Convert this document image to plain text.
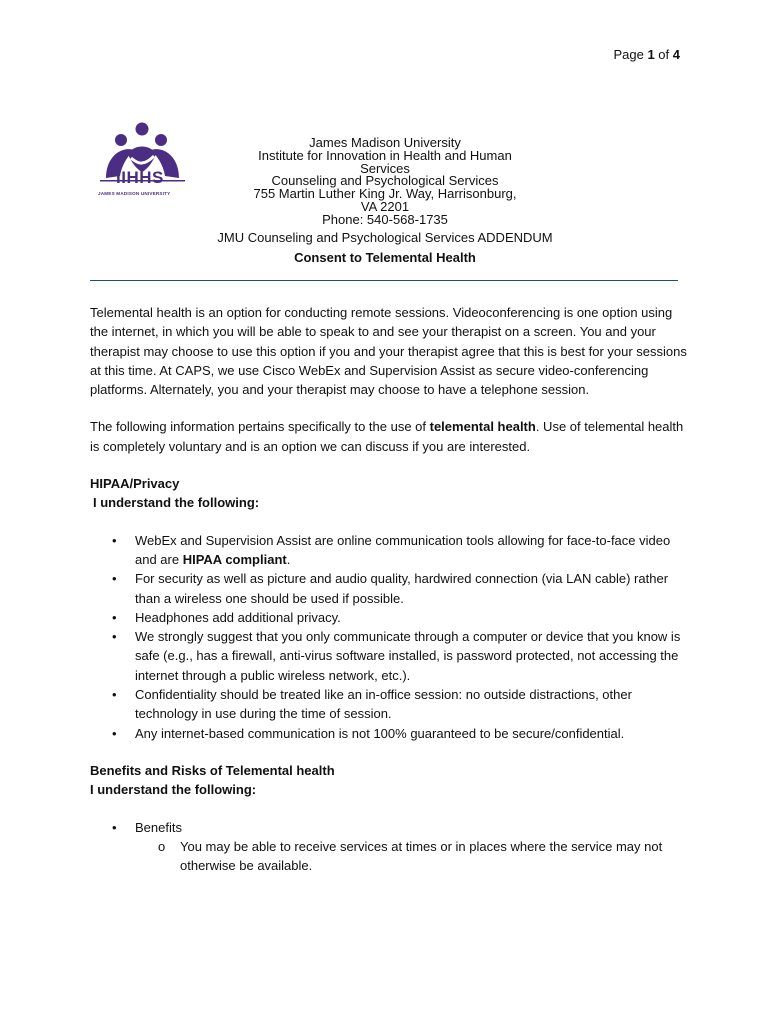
Page 1 of 4
IIHHS
JAMES MADISON UNIVERSITY
James Madison University
Institute for Innovation in Health and Human
Services
Counseling and Psychological Services
755 Martin Luther King Jr. Way, Harrisonburg,
VA 2201
Phone: 540-568-1735
JMU Counseling and Psychological Services ADDENDUM
Consent to Telemental Health

Telemental health is an option for conducting remote sessions. Videoconferencing is one option using the internet, in which you will be able to speak to and see your therapist on a screen. You and your therapist may choose to use this option if you and your therapist agree that this is best for your sessions at this time. At CAPS, we use Cisco WebEx and Supervision Assist as secure video-conferencing platforms. Alternately, you and your therapist may choose to have a telephone session.

The following information pertains specifically to the use of telemental health. Use of telemental health is completely voluntary and is an option we can discuss if you are interested.

HIPAA/Privacy

I understand the following:

• WebEx and Supervision Assist are online communication tools allowing for face-to-face video and are HIPAA compliant.
• For security as well as picture and audio quality, hardwired connection (via LAN cable) rather than a wireless one should be used if possible.
• Headphones add additional privacy.
• We strongly suggest that you only communicate through a computer or device that you know is safe (e.g., has a firewall, anti-virus software installed, is password protected, not accessing the internet through a public wireless network, etc.).
• Confidentiality should be treated like an in-office session: no outside distractions, other technology in use during the time of session.
• Any internet-based communication is not 100% guaranteed to be secure/confidential.

Benefits and Risks of Telemental health

I understand the following:

• Benefits
o You may be able to receive services at times or in places where the service may not otherwise be available.
